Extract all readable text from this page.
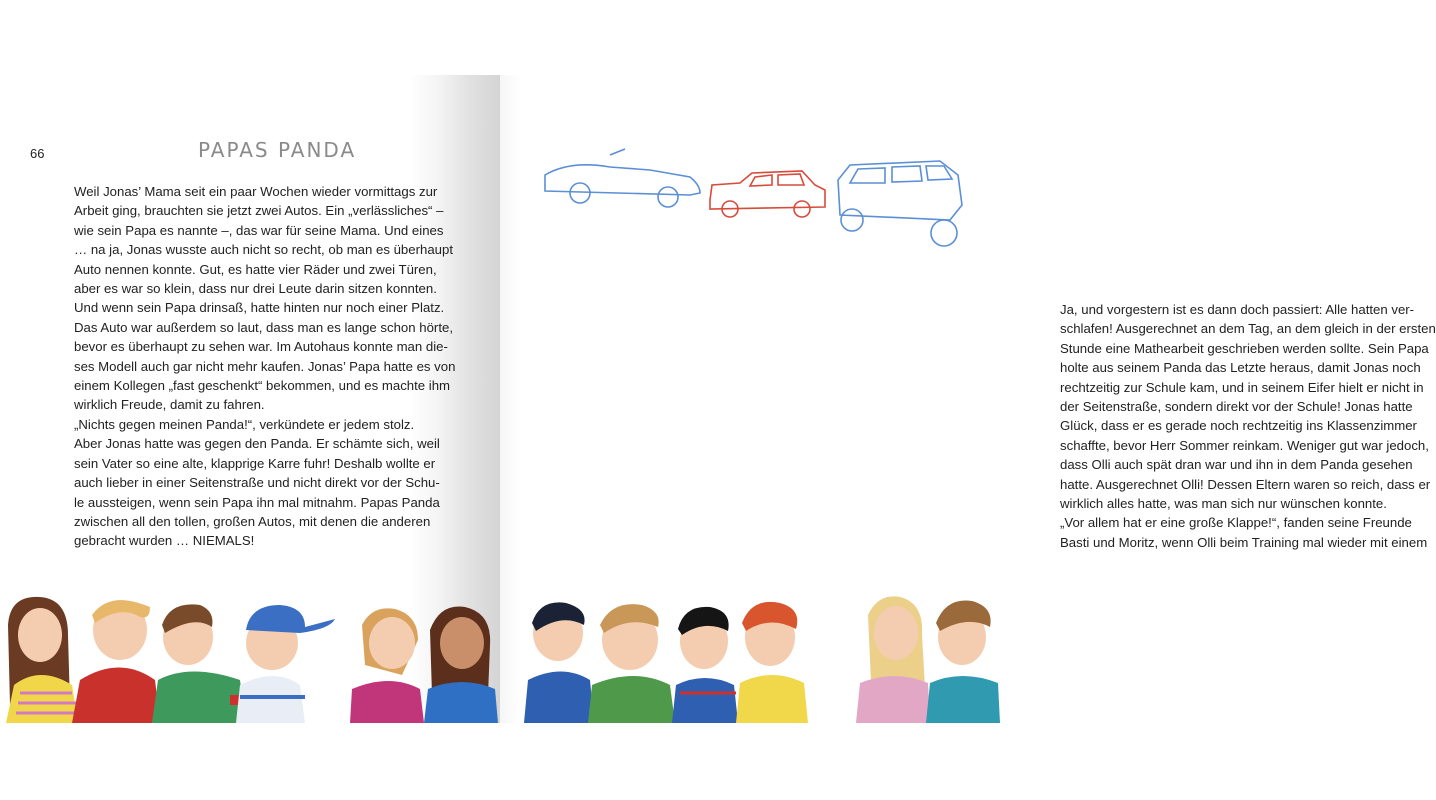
66	PAPAS PANDA
Weil Jonas’ Mama seit ein paar Wochen wieder vormittags zur
Arbeit ging, brauchten sie jetzt zwei Autos. Ein „verlässliches“ –
wie sein Papa es nannte –, das war für seine Mama. Und eines
… na ja, Jonas wusste auch nicht so recht, ob man es überhaupt
Auto nennen konnte. Gut, es hatte vier Räder und zwei Türen,
aber es war so klein, dass nur drei Leute darin sitzen konnten.
Und wenn sein Papa drinsaß, hatte hinten nur noch einer Platz.
Das Auto war außerdem so laut, dass man es lange schon hörte,
bevor es überhaupt zu sehen war. Im Autohaus konnte man die-
ses Modell auch gar nicht mehr kaufen. Jonas’ Papa hatte es von
einem Kollegen „fast geschenkt“ bekommen, und es machte ihm
wirklich Freude, damit zu fahren.
„Nichts gegen meinen Panda!“, verkündete er jedem stolz.
Aber Jonas hatte was gegen den Panda. Er schämte sich, weil
sein Vater so eine alte, klapprige Karre fuhr! Deshalb wollte er
auch lieber in einer Seitenstraße und nicht direkt vor der Schu-
le aussteigen, wenn sein Papa ihn mal mitnahm. Papas Panda
zwischen all den tollen, großen Autos, mit denen die anderen
gebracht wurden … NIEMALS!
Ja, und vorgestern ist es dann doch passiert: Alle hatten ver-
schlafen! Ausgerechnet an dem Tag, an dem gleich in der ersten
Stunde eine Mathearbeit geschrieben werden sollte. Sein Papa
holte aus seinem Panda das Letzte heraus, damit Jonas noch
rechtzeitig zur Schule kam, und in seinem Eifer hielt er nicht in
der Seitenstraße, sondern direkt vor der Schule! Jonas hatte
Glück, dass er es gerade noch rechtzeitig ins Klassenzimmer
schaffte, bevor Herr Sommer reinkam. Weniger gut war jedoch,
dass Olli auch spät dran war und ihn in dem Panda gesehen
hatte. Ausgerechnet Olli! Dessen Eltern waren so reich, dass er
wirklich alles hatte, was man sich nur wünschen konnte.
„Vor allem hat er eine große Klappe!“, fanden seine Freunde
Basti und Moritz, wenn Olli beim Training mal wieder mit einem
